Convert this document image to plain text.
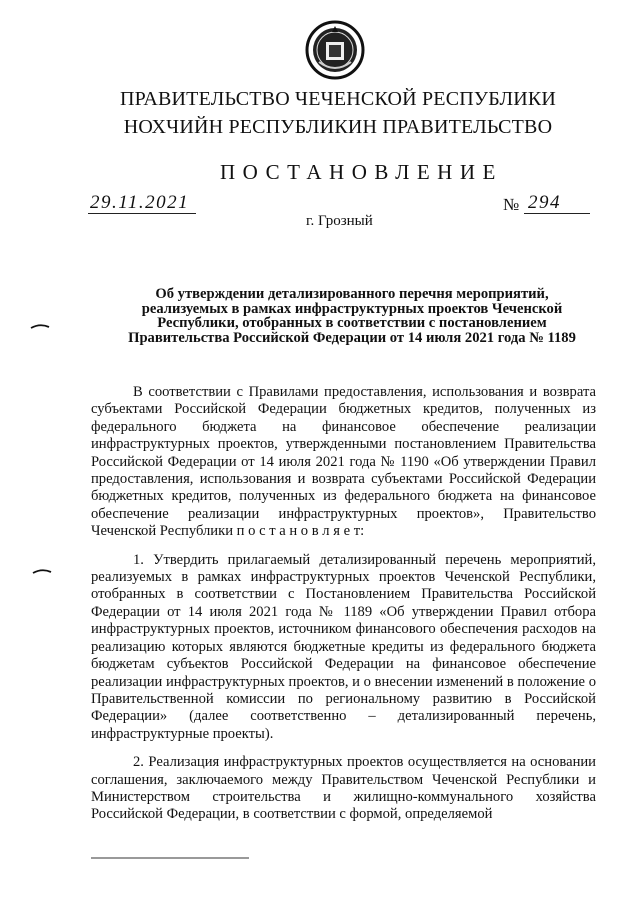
ПРАВИТЕЛЬСТВО ЧЕЧЕНСКОЙ РЕСПУБЛИКИ
НОХЧИЙН РЕСПУБЛИКИН ПРАВИТЕЛЬСТВО
ПОСТАНОВЛЕНИЕ
29.11.2021	№ 294
г. Грозный
Об утверждении детализированного перечня мероприятий, реализуемых в рамках инфраструктурных проектов Чеченской Республики, отобранных в соответствии с постановлением Правительства Российской Федерации от 14 июля 2021 года № 1189

В соответствии с Правилами предоставления, использования и возврата субъектами Российской Федерации бюджетных кредитов, полученных из федерального бюджета на финансовое обеспечение реализации инфраструктурных проектов, утвержденными постановлением Правительства Российской Федерации от 14 июля 2021 года № 1190 «Об утверждении Правил предоставления, использования и возврата субъектами Российской Федерации бюджетных кредитов, полученных из федерального бюджета на финансовое обеспечение реализации инфраструктурных проектов», Правительство Чеченской Республики п о с т а н о в л я е т:

1. Утвердить прилагаемый детализированный перечень мероприятий, реализуемых в рамках инфраструктурных проектов Чеченской Республики, отобранных в соответствии с Постановлением Правительства Российской Федерации от 14 июля 2021 года № 1189 «Об утверждении Правил отбора инфраструктурных проектов, источником финансового обеспечения расходов на реализацию которых являются бюджетные кредиты из федерального бюджета бюджетам субъектов Российской Федерации на финансовое обеспечение реализации инфраструктурных проектов, и о внесении изменений в положение о Правительственной комиссии по региональному развитию в Российской Федерации» (далее соответственно – детализированный перечень, инфраструктурные проекты).

2. Реализация инфраструктурных проектов осуществляется на основании соглашения, заключаемого между Правительством Чеченской Республики и Министерством строительства и жилищно-коммунального хозяйства Российской Федерации, в соответствии с формой, определяемой
